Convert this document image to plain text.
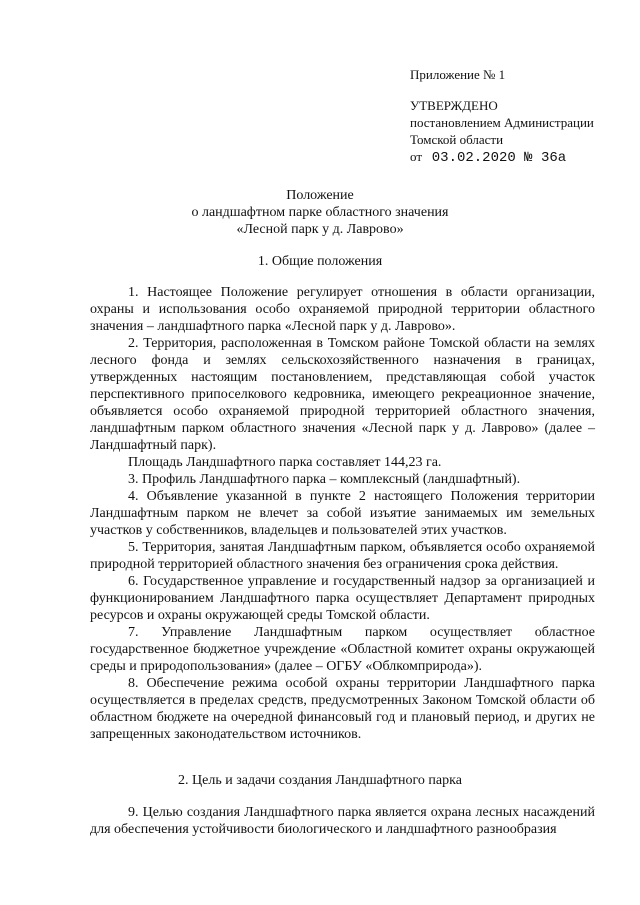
Приложение № 1
УТВЕРЖДЕНО
постановлением Администрации
Томской области
от 03.02.2020 № 36а
Положение
о ландшафтном парке областного значения
«Лесной парк у д. Лаврово»
1. Общие положения

1. Настоящее Положение регулирует отношения в области организации, охраны и использования особо охраняемой природной территории областного значения – ландшафтного парка «Лесной парк у д. Лаврово».

2. Территория, расположенная в Томском районе Томской области на землях лесного фонда и землях сельскохозяйственного назначения в границах, утвержденных настоящим постановлением, представляющая собой участок перспективного припоселкового кедровника, имеющего рекреационное значение, объявляется особо охраняемой природной территорией областного значения, ландшафтным парком областного значения «Лесной парк у д. Лаврово» (далее – Ландшафтный парк).

Площадь Ландшафтного парка составляет 144,23 га.

3. Профиль Ландшафтного парка – комплексный (ландшафтный).

4. Объявление указанной в пункте 2 настоящего Положения территории Ландшафтным парком не влечет за собой изъятие занимаемых им земельных участков у собственников, владельцев и пользователей этих участков.

5. Территория, занятая Ландшафтным парком, объявляется особо охраняемой природной территорией областного значения без ограничения срока действия.

6. Государственное управление и государственный надзор за организацией и функционированием Ландшафтного парка осуществляет Департамент природных ресурсов и охраны окружающей среды Томской области.

7. Управление Ландшафтным парком осуществляет областное государственное бюджетное учреждение «Областной комитет охраны окружающей среды и природопользования» (далее – ОГБУ «Облкомприрода»).

8. Обеспечение режима особой охраны территории Ландшафтного парка осуществляется в пределах средств, предусмотренных Законом Томской области об областном бюджете на очередной финансовый год и плановый период, и других не запрещенных законодательством источников.

2. Цель и задачи создания Ландшафтного парка

9. Целью создания Ландшафтного парка является охрана лесных насаждений для обеспечения устойчивости биологического и ландшафтного разнообразия
